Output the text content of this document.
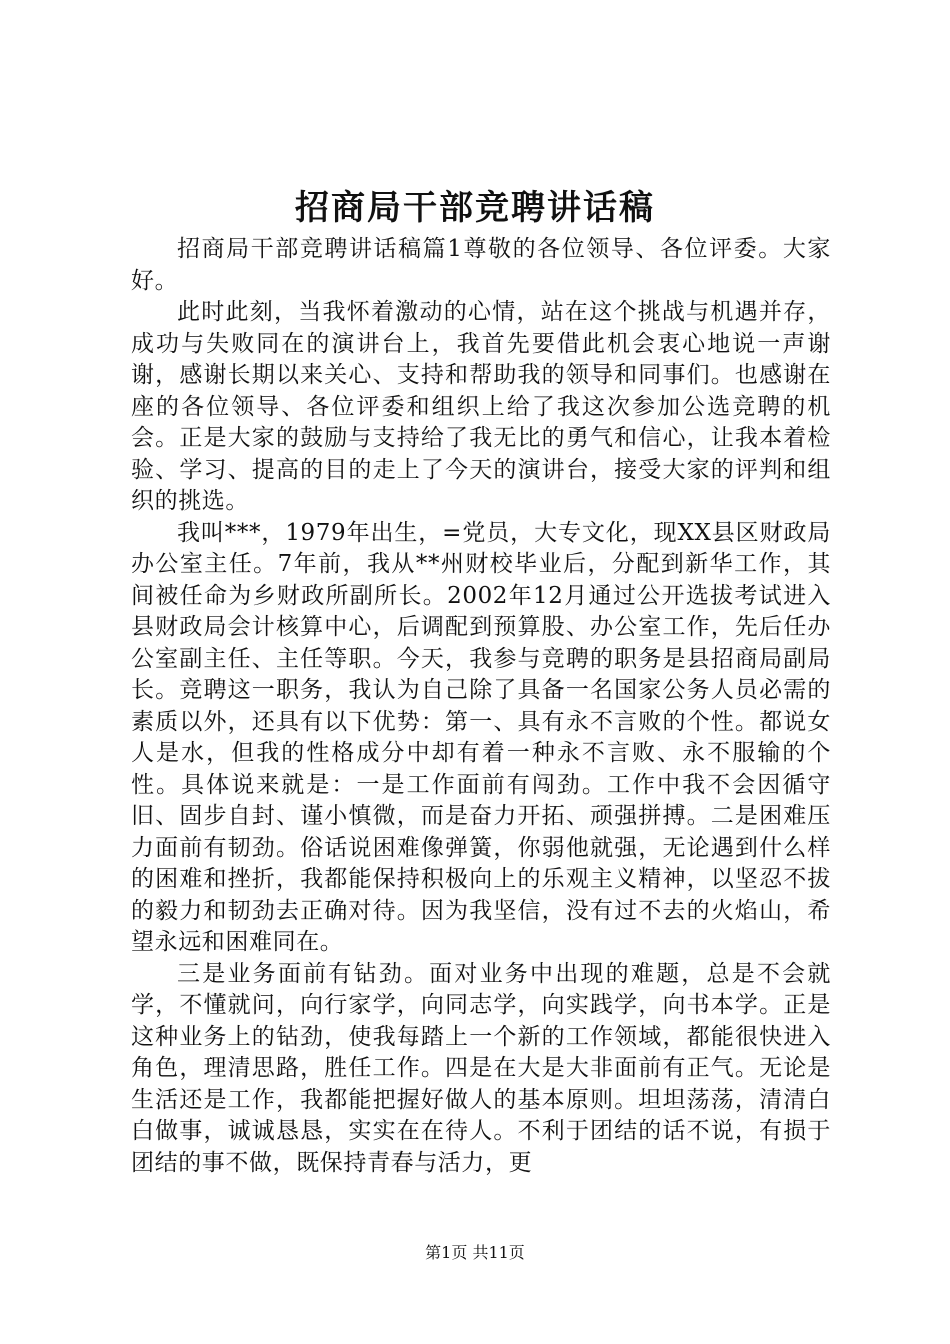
招商局干部竞聘讲话稿

招商局干部竞聘讲话稿篇1尊敬的各位领导、各位评委。大家好。

此时此刻，当我怀着激动的心情，站在这个挑战与机遇并存，成功与失败同在的演讲台上，我首先要借此机会衷心地说一声谢谢，感谢长期以来关心、支持和帮助我的领导和同事们。也感谢在座的各位领导、各位评委和组织上给了我这次参加公选竞聘的机会。正是大家的鼓励与支持给了我无比的勇气和信心，让我本着检验、学习、提高的目的走上了今天的演讲台，接受大家的评判和组织的挑选。

我叫***，1979年出生，=党员，大专文化，现XX县区财政局办公室主任。7年前，我从**州财校毕业后，分配到新华工作，其间被任命为乡财政所副所长。2002年12月通过公开选拔考试进入县财政局会计核算中心，后调配到预算股、办公室工作，先后任办公室副主任、主任等职。今天，我参与竞聘的职务是县招商局副局长。竞聘这一职务，我认为自己除了具备一名国家公务人员必需的素质以外，还具有以下优势：第一、具有永不言败的个性。都说女人是水，但我的性格成分中却有着一种永不言败、永不服输的个性。具体说来就是：一是工作面前有闯劲。工作中我不会因循守旧、固步自封、谨小慎微，而是奋力开拓、顽强拼搏。二是困难压力面前有韧劲。俗话说困难像弹簧，你弱他就强，无论遇到什么样的困难和挫折，我都能保持积极向上的乐观主义精神，以坚忍不拔的毅力和韧劲去正确对待。因为我坚信，没有过不去的火焰山，希望永远和困难同在。

三是业务面前有钻劲。面对业务中出现的难题，总是不会就学，不懂就问，向行家学，向同志学，向实践学，向书本学。正是这种业务上的钻劲，使我每踏上一个新的工作领域，都能很快进入角色，理清思路，胜任工作。四是在大是大非面前有正气。无论是生活还是工作，我都能把握好做人的基本原则。坦坦荡荡，清清白白做事，诚诚恳恳，实实在在待人。不利于团结的话不说，有损于团结的事不做，既保持青春与活力，更

第1页 共11页
